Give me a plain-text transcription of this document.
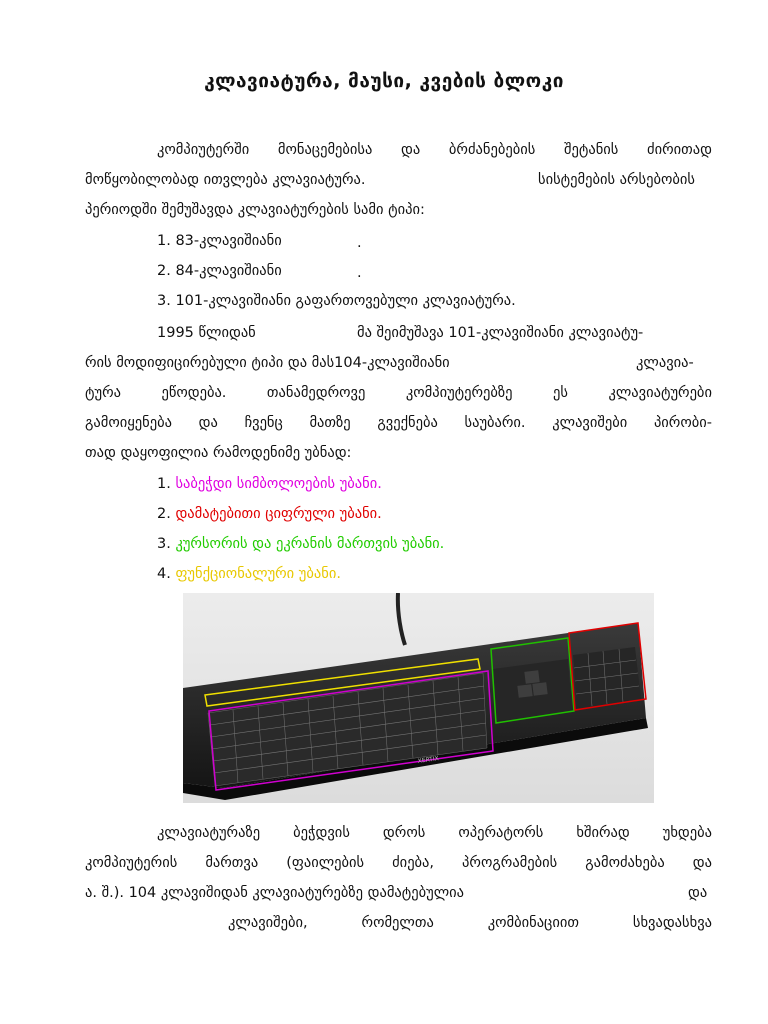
კლავიატურა, მაუსი, კვების ბლოკი
კომპიუტერში მონაცემებისა და ბრძანებების შეტანის ძირითად
მოწყობილობად ითვლება კლავიატურა.	სისტემების არსებობის
პერიოდში შემუშავდა კლავიატურების სამი ტიპი:
1. 83-კლავიშიანი	.
2. 84-კლავიშიანი	.
3. 101-კლავიშიანი გაფართოვებული კლავიატურა.
1995 წლიდან	მა შეიმუშავა 101-კლავიშიანი კლავიატუ-
რის მოდიფიცირებული ტიპი და მას104-კლავიშიანი	კლავია-
ტურა	ეწოდება.	თანამედროვე	კომპიუტერებზე	ეს	კლავიატურები
გამოიყენება და ჩვენც მათზე გვექნება საუბარი. კლავიშები პირობი-
თად დაყოფილია რამოდენიმე უბნად:
1. საბეჭდი სიმბოლოების უბანი.
2. დამატებითი ციფრული უბანი.
3. კურსორის და ეკრანის მართვის უბანი.
4. ფუნქციონალური უბანი.
XERTIX
კლავიატურაზე ბეჭდვის დროს ოპერატორს ხშირად უხდება
კომპიუტერის მართვა (ფაილების ძიება, პროგრამების გამოძახება და
ა. შ.). 104 კლავიშიდან კლავიატურებზე დამატებულია	და
კლავიშები,	რომელთა	კომბინაციით	სხვადასხვა
